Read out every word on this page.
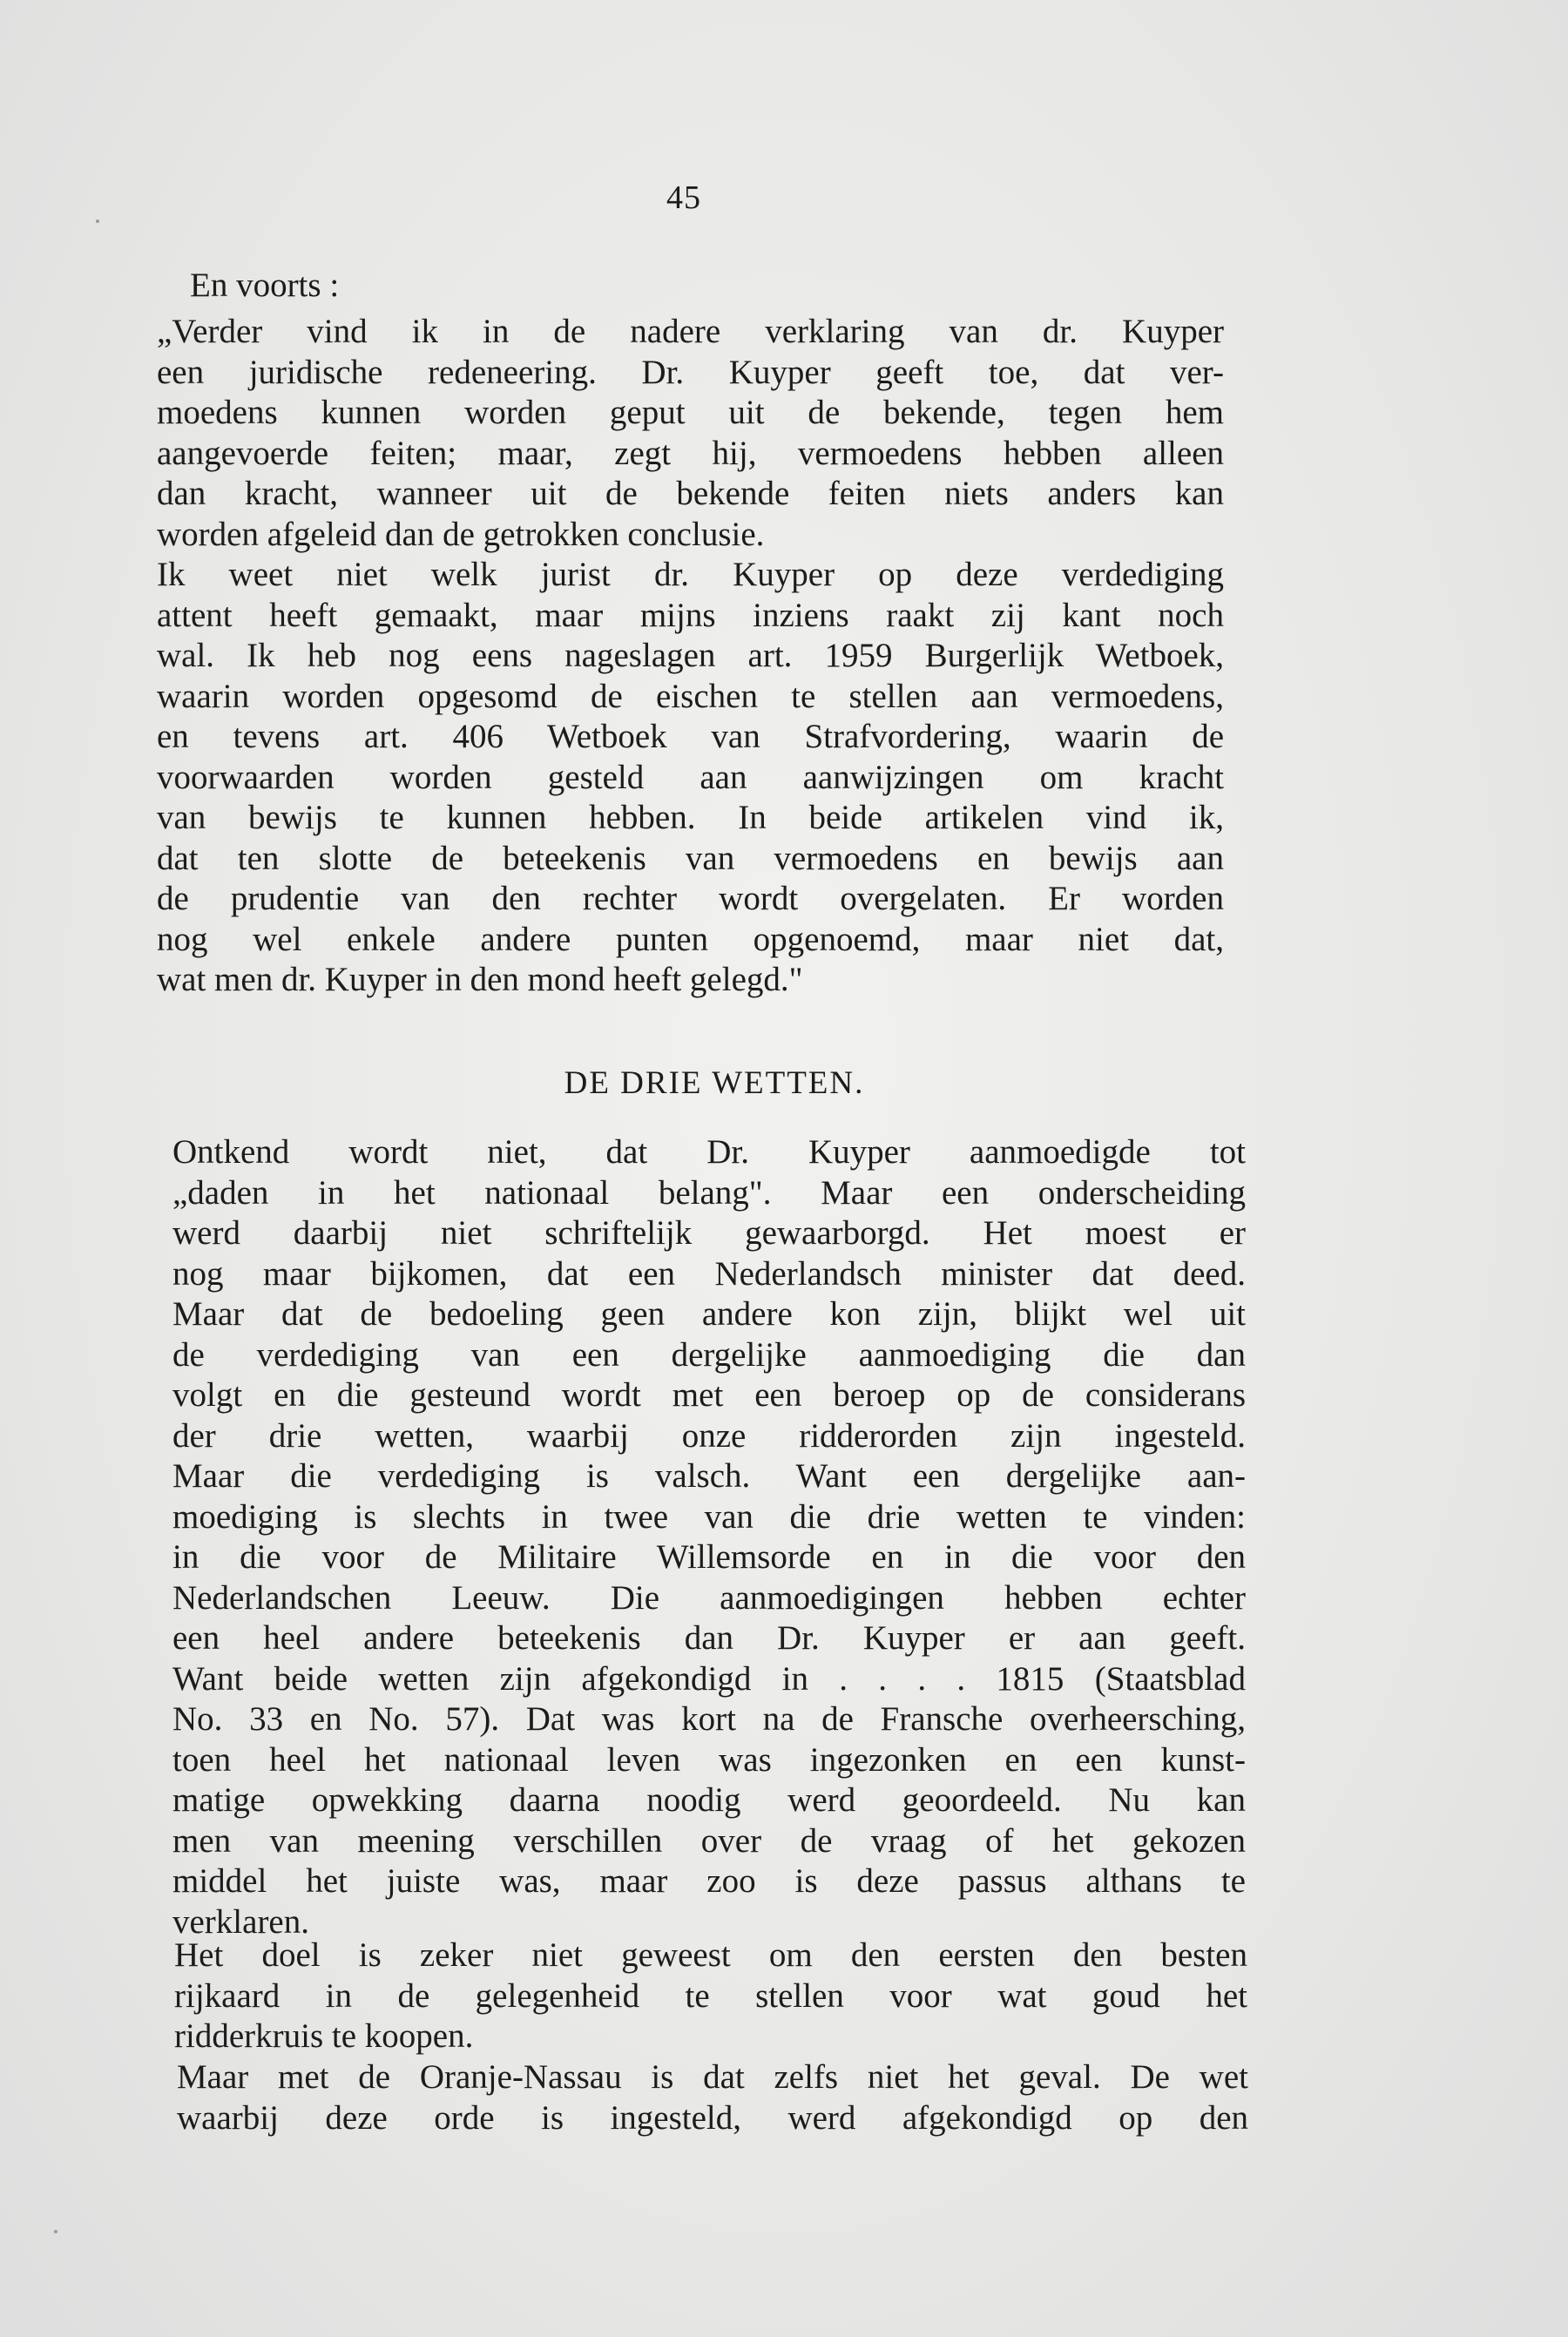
45
En voorts :
„Verder vind ik in de nadere verklaring van dr. Kuyper
een juridische redeneering. Dr. Kuyper geeft toe, dat ver-
moedens kunnen worden geput uit de bekende, tegen hem
aangevoerde feiten; maar, zegt hij, vermoedens hebben alleen
dan kracht, wanneer uit de bekende feiten niets anders kan
worden afgeleid dan de getrokken conclusie.
Ik weet niet welk jurist dr. Kuyper op deze verdediging
attent heeft gemaakt, maar mijns inziens raakt zij kant noch
wal. Ik heb nog eens nageslagen art. 1959 Burgerlijk Wetboek,
waarin worden opgesomd de eischen te stellen aan vermoedens,
en tevens art. 406 Wetboek van Strafvordering, waarin de
voorwaarden worden gesteld aan aanwijzingen om kracht
van bewijs te kunnen hebben. In beide artikelen vind ik,
dat ten slotte de beteekenis van vermoedens en bewijs aan
de prudentie van den rechter wordt overgelaten. Er worden
nog wel enkele andere punten opgenoemd, maar niet dat,
wat men dr. Kuyper in den mond heeft gelegd."
DE DRIE WETTEN.
Ontkend wordt niet, dat Dr. Kuyper aanmoedigde tot
„daden in het nationaal belang". Maar een onderscheiding
werd daarbij niet schriftelijk gewaarborgd. Het moest er
nog maar bijkomen, dat een Nederlandsch minister dat deed.
Maar dat de bedoeling geen andere kon zijn, blijkt wel uit
de verdediging van een dergelijke aanmoediging die dan
volgt en die gesteund wordt met een beroep op de considerans
der drie wetten, waarbij onze ridderorden zijn ingesteld.
Maar die verdediging is valsch. Want een dergelijke aan-
moediging is slechts in twee van die drie wetten te vinden:
in die voor de Militaire Willemsorde en in die voor den
Nederlandschen Leeuw. Die aanmoedigingen hebben echter
een heel andere beteekenis dan Dr. Kuyper er aan geeft.
Want beide wetten zijn afgekondigd in . . . . 1815 (Staatsblad
No. 33 en No. 57). Dat was kort na de Fransche overheersching,
toen heel het nationaal leven was ingezonken en een kunst-
matige opwekking daarna noodig werd geoordeeld. Nu kan
men van meening verschillen over de vraag of het gekozen
middel het juiste was, maar zoo is deze passus althans te
verklaren.
Het doel is zeker niet geweest om den eersten den besten
rijkaard in de gelegenheid te stellen voor wat goud het
ridderkruis te koopen.
Maar met de Oranje-Nassau is dat zelfs niet het geval. De wet
waarbij deze orde is ingesteld, werd afgekondigd op den
